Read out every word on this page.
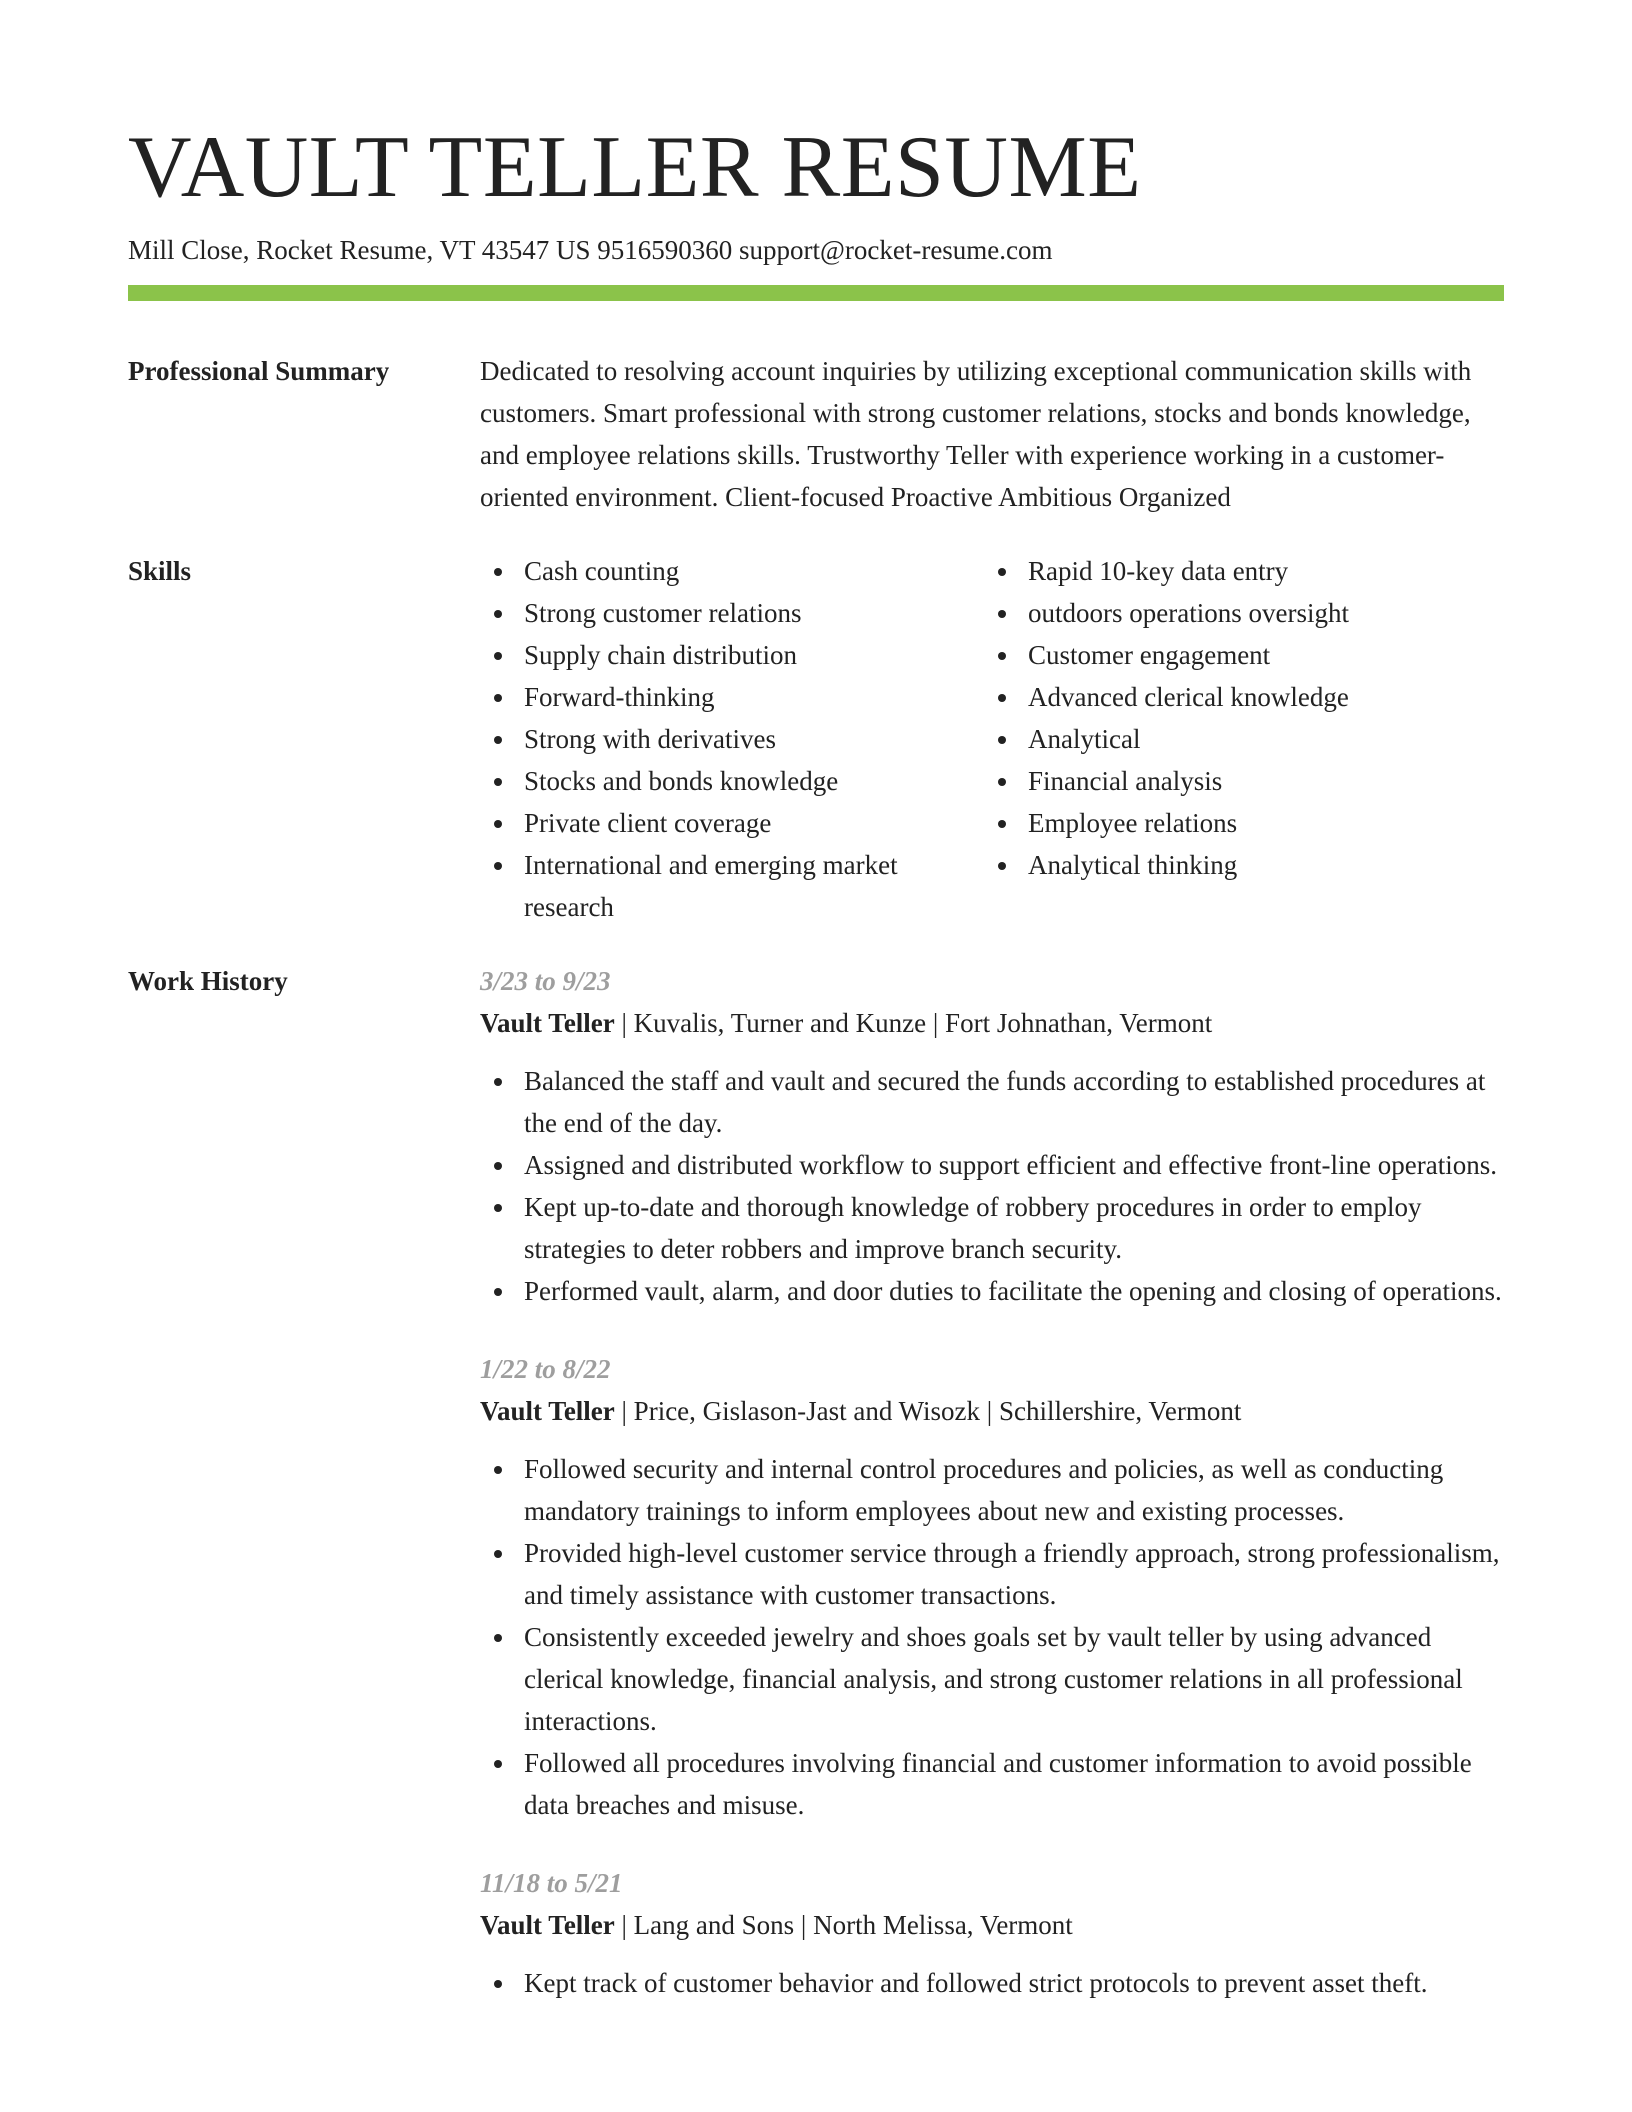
VAULT TELLER RESUME
Mill Close, Rocket Resume, VT 43547 US 9516590360 support@rocket-resume.com
Professional Summary	Dedicated to resolving account inquiries by utilizing exceptional communication skills with customers. Smart professional with strong customer relations, stocks and bonds knowledge, and employee relations skills. Trustworthy Teller with experience working in a customer-oriented environment. Client-focused Proactive Ambitious Organized

Skills	Cash counting
Strong customer relations
Supply chain distribution
Forward-thinking
Strong with derivatives
Stocks and bonds knowledge
Private client coverage
International and emerging market research
Rapid 10-key data entry
outdoors operations oversight
Customer engagement
Advanced clerical knowledge
Analytical
Financial analysis
Employee relations
Analytical thinking
Work History	3/23 to 9/23
Vault Teller | Kuvalis, Turner and Kunze | Fort Johnathan, Vermont
Balanced the staff and vault and secured the funds according to established procedures at the end of the day.
Assigned and distributed workflow to support efficient and effective front-line operations.
Kept up-to-date and thorough knowledge of robbery procedures in order to employ strategies to deter robbers and improve branch security.
Performed vault, alarm, and door duties to facilitate the opening and closing of operations.
1/22 to 8/22
Vault Teller | Price, Gislason-Jast and Wisozk | Schillershire, Vermont
Followed security and internal control procedures and policies, as well as conducting mandatory trainings to inform employees about new and existing processes.
Provided high-level customer service through a friendly approach, strong professionalism, and timely assistance with customer transactions.
Consistently exceeded jewelry and shoes goals set by vault teller by using advanced clerical knowledge, financial analysis, and strong customer relations in all professional interactions.
Followed all procedures involving financial and customer information to avoid possible data breaches and misuse.
11/18 to 5/21
Vault Teller | Lang and Sons | North Melissa, Vermont
Kept track of customer behavior and followed strict protocols to prevent asset theft.
